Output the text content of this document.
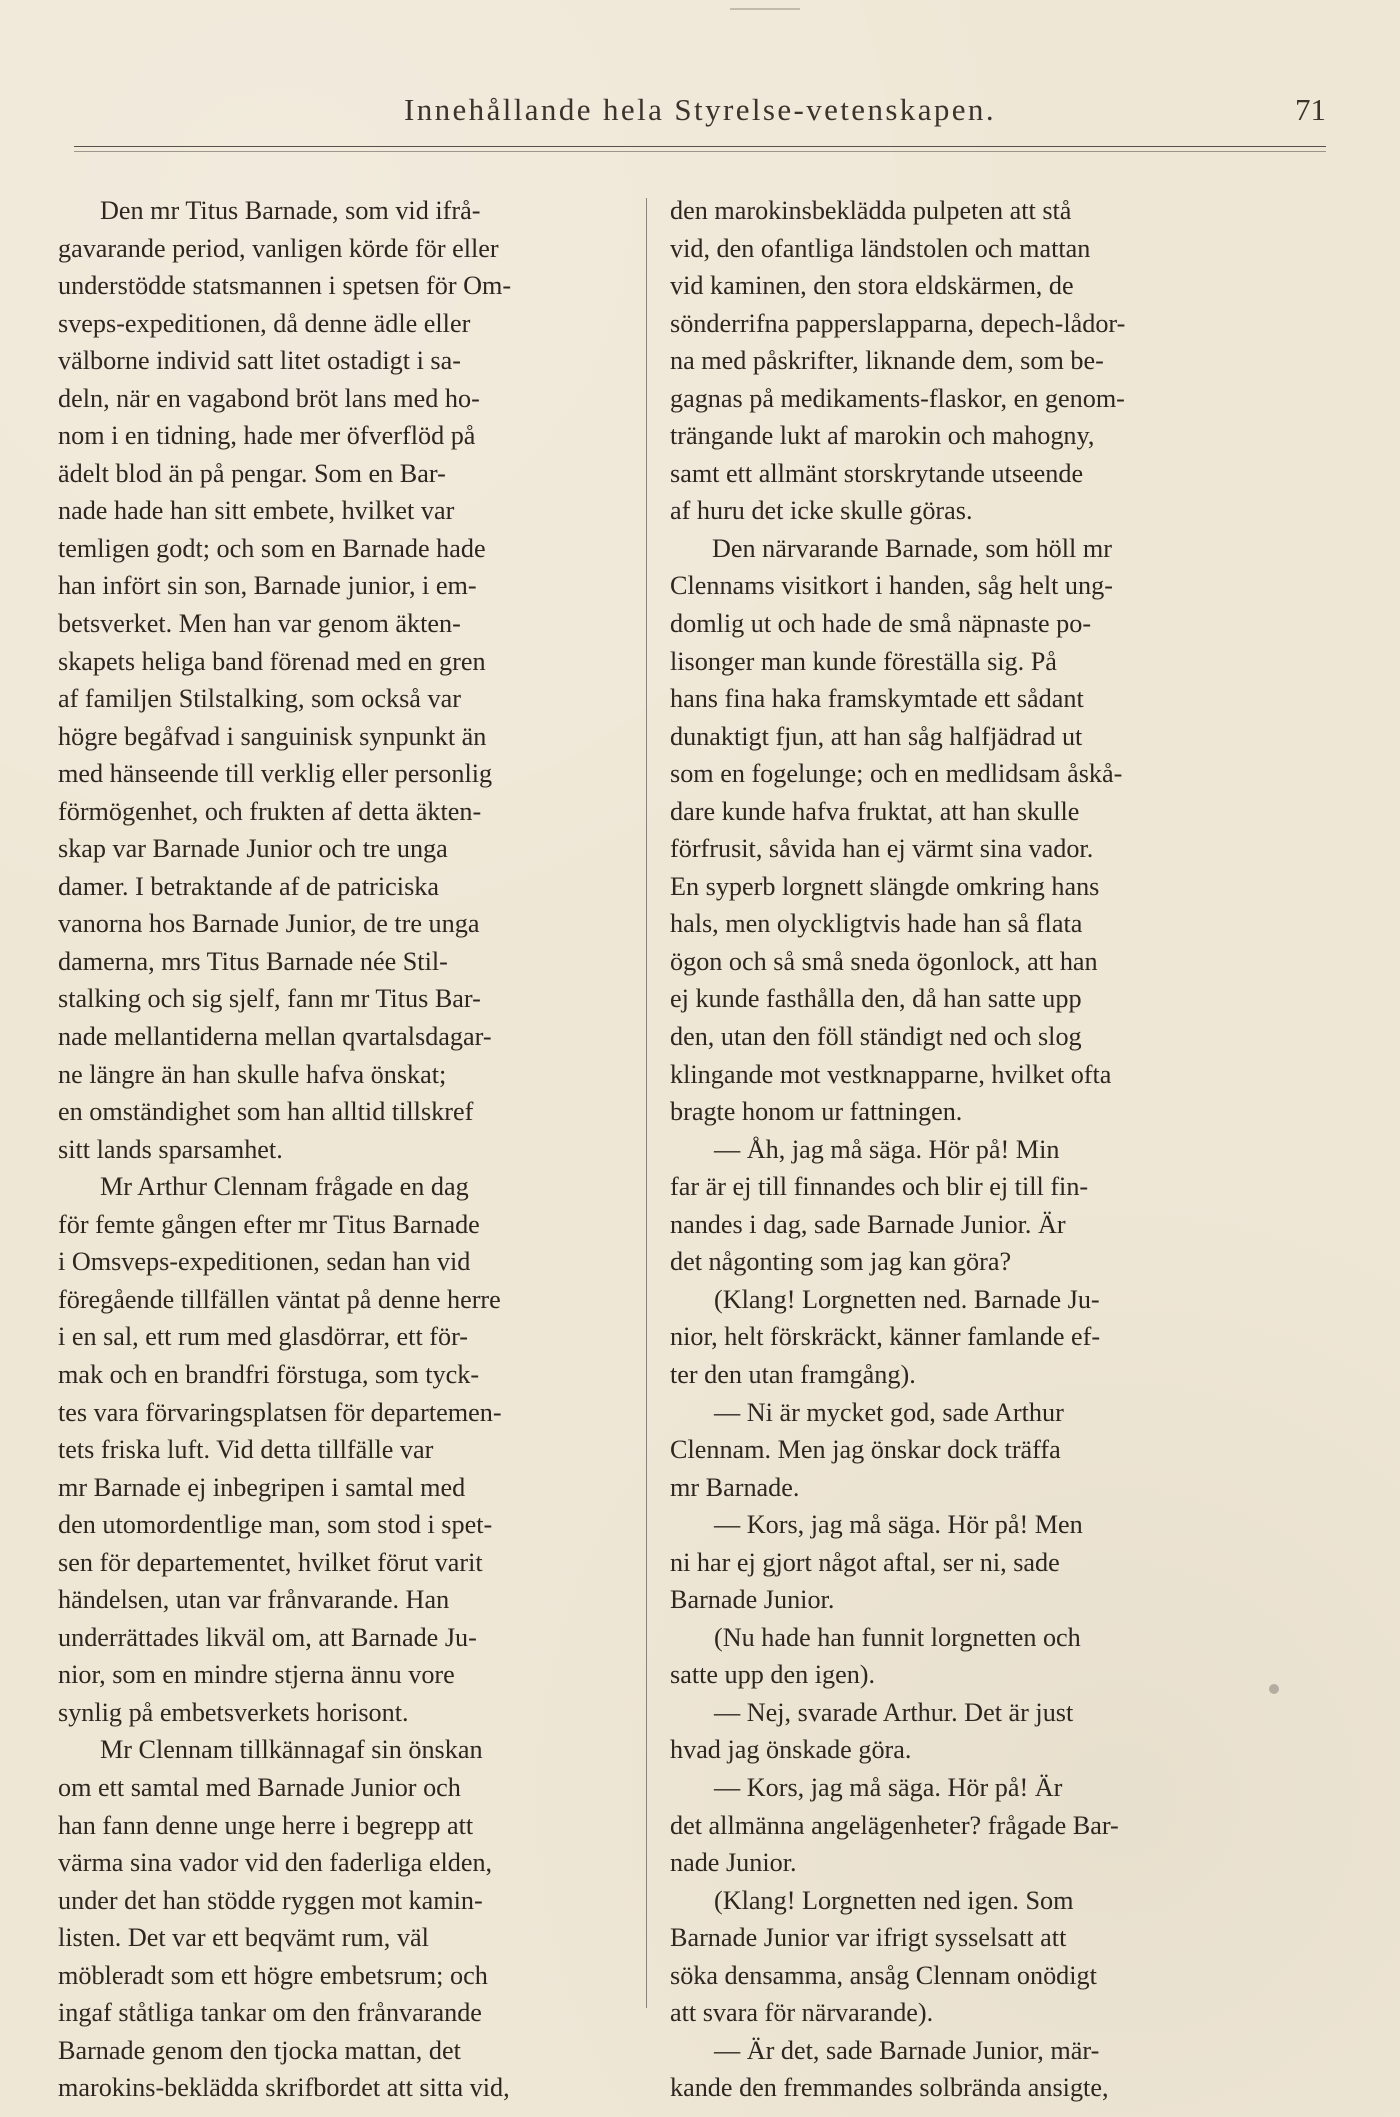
Innehållande hela Styrelse-vetenskapen.	71
Den mr Titus Barnade, som vid ifrå-
gavarande period, vanligen körde för eller
understödde statsmannen i spetsen för Om-
sveps-expeditionen, då denne ädle eller
välborne individ satt litet ostadigt i sa-
deln, när en vagabond bröt lans med ho-
nom i en tidning, hade mer öfverflöd på
ädelt blod än på pengar. Som en Bar-
nade hade han sitt embete, hvilket var
temligen godt; och som en Barnade hade
han infört sin son, Barnade junior, i em-
betsverket. Men han var genom äkten-
skapets heliga band förenad med en gren
af familjen Stilstalking, som också var
högre begåfvad i sanguinisk synpunkt än
med hänseende till verklig eller personlig
förmögenhet, och frukten af detta äkten-
skap var Barnade Junior och tre unga
damer. I betraktande af de patriciska
vanorna hos Barnade Junior, de tre unga
damerna, mrs Titus Barnade née Stil-
stalking och sig sjelf, fann mr Titus Bar-
nade mellantiderna mellan qvartalsdagar-
ne längre än han skulle hafva önskat;
en omständighet som han alltid tillskref
sitt lands sparsamhet.
Mr Arthur Clennam frågade en dag
för femte gången efter mr Titus Barnade
i Omsveps-expeditionen, sedan han vid
föregående tillfällen väntat på denne herre
i en sal, ett rum med glasdörrar, ett för-
mak och en brandfri förstuga, som tyck-
tes vara förvaringsplatsen för departemen-
tets friska luft. Vid detta tillfälle var
mr Barnade ej inbegripen i samtal med
den utomordentlige man, som stod i spet-
sen för departementet, hvilket förut varit
händelsen, utan var frånvarande. Han
underrättades likväl om, att Barnade Ju-
nior, som en mindre stjerna ännu vore
synlig på embetsverkets horisont.
Mr Clennam tillkännagaf sin önskan
om ett samtal med Barnade Junior och
han fann denne unge herre i begrepp att
värma sina vador vid den faderliga elden,
under det han stödde ryggen mot kamin-
listen. Det var ett beqvämt rum, väl
möbleradt som ett högre embetsrum; och
ingaf ståtliga tankar om den frånvarande
Barnade genom den tjocka mattan, det
marokins-beklädda skrifbordet att sitta vid,
den marokinsbeklädda pulpeten att stå
vid, den ofantliga ländstolen och mattan
vid kaminen, den stora eldskärmen, de
sönderrifna papperslapparna, depech-lådor-
na med påskrifter, liknande dem, som be-
gagnas på medikaments-flaskor, en genom-
trängande lukt af marokin och mahogny,
samt ett allmänt storskrytande utseende
af huru det icke skulle göras.
Den närvarande Barnade, som höll mr
Clennams visitkort i handen, såg helt ung-
domlig ut och hade de små näpnaste po-
lisonger man kunde föreställa sig. På
hans fina haka framskymtade ett sådant
dunaktigt fjun, att han såg halfjädrad ut
som en fogelunge; och en medlidsam åskå-
dare kunde hafva fruktat, att han skulle
förfrusit, såvida han ej värmt sina vador.
En syperb lorgnett slängde omkring hans
hals, men olyckligtvis hade han så flata
ögon och så små sneda ögonlock, att han
ej kunde fasthålla den, då han satte upp
den, utan den föll ständigt ned och slog
klingande mot vestknapparne, hvilket ofta
bragte honom ur fattningen.
— Åh, jag må säga. Hör på! Min
far är ej till finnandes och blir ej till fin-
nandes i dag, sade Barnade Junior. Är
det någonting som jag kan göra?
(Klang! Lorgnetten ned. Barnade Ju-
nior, helt förskräckt, känner famlande ef-
ter den utan framgång).
— Ni är mycket god, sade Arthur
Clennam. Men jag önskar dock träffa
mr Barnade.
— Kors, jag må säga. Hör på! Men
ni har ej gjort något aftal, ser ni, sade
Barnade Junior.
(Nu hade han funnit lorgnetten och
satte upp den igen).
— Nej, svarade Arthur. Det är just
hvad jag önskade göra.
— Kors, jag må säga. Hör på! Är
det allmänna angelägenheter? frågade Bar-
nade Junior.
(Klang! Lorgnetten ned igen. Som
Barnade Junior var ifrigt sysselsatt att
söka densamma, ansåg Clennam onödigt
att svara för närvarande).
— Är det, sade Barnade Junior, mär-
kande den fremmandes solbrända ansigte,
